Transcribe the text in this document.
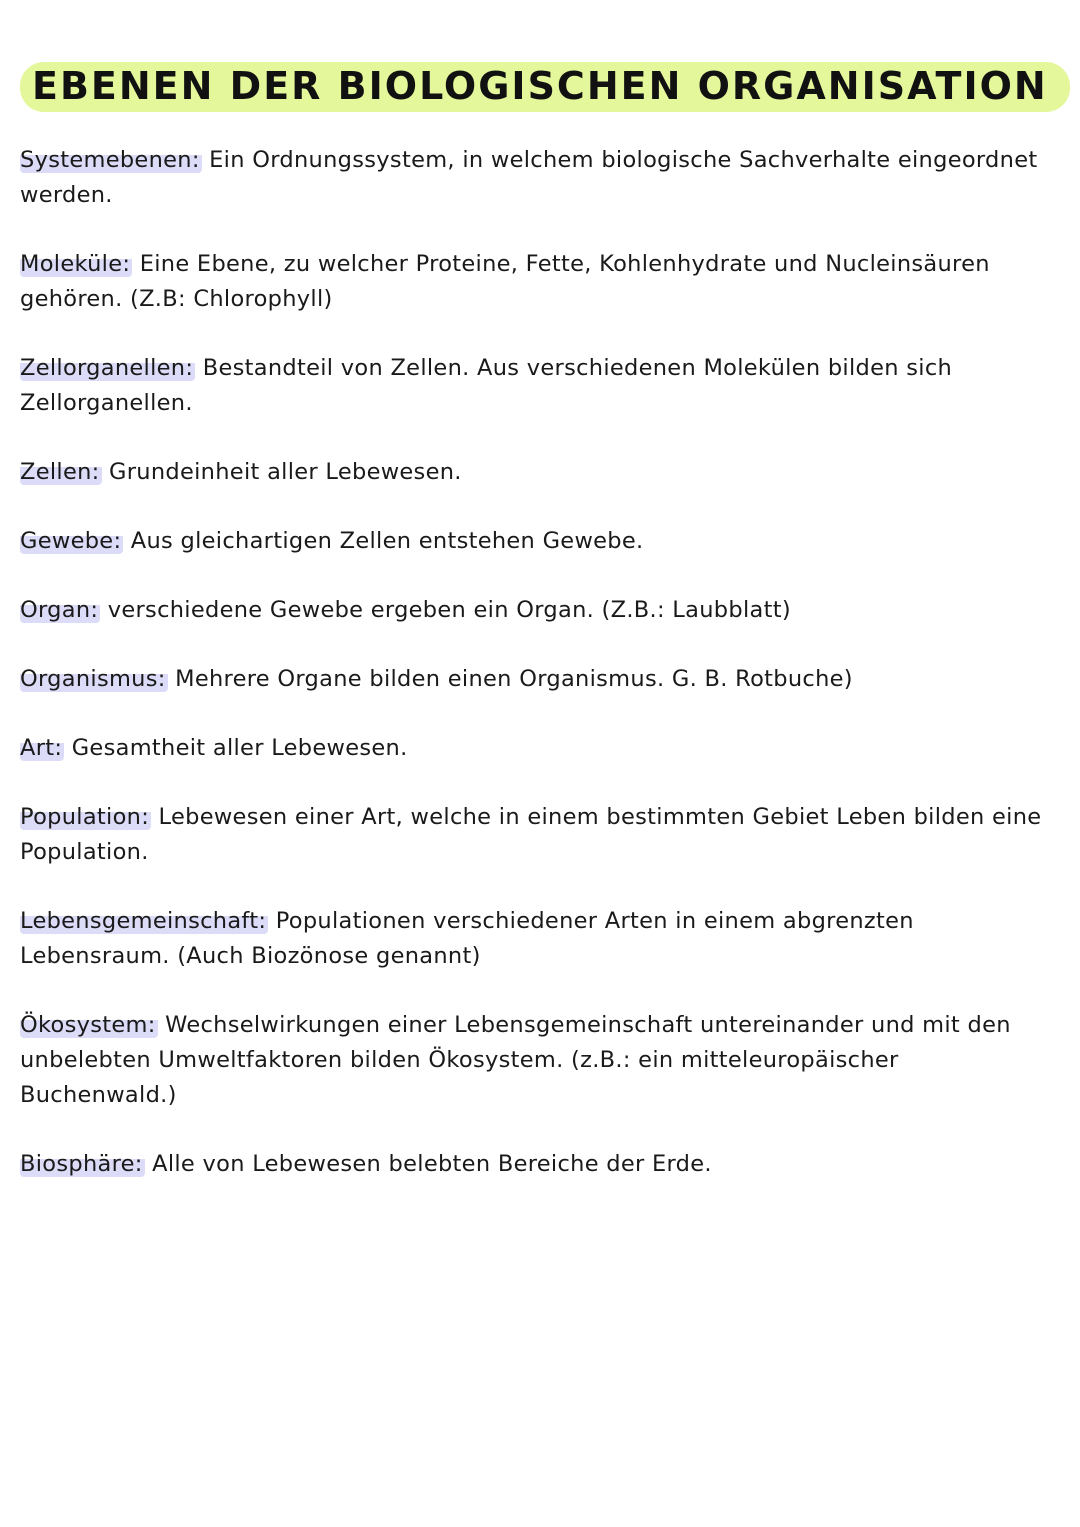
EBENEN DER BIOLOGISCHEN ORGANISATION
Systemebenen: Ein Ordnungssystem, in welchem biologische Sachverhalte eingeordnet werden.
Moleküle: Eine Ebene, zu welcher Proteine, Fette, Kohlenhydrate und Nucleinsäuren gehören. (Z.B: Chlorophyll)
Zellorganellen: Bestandteil von Zellen. Aus verschiedenen Molekülen bilden sich Zellorganellen.
Zellen: Grundeinheit aller Lebewesen.
Gewebe: Aus gleichartigen Zellen entstehen Gewebe.
Organ: verschiedene Gewebe ergeben ein Organ. (Z.B.: Laubblatt)
Organismus: Mehrere Organe bilden einen Organismus. G. B. Rotbuche)
Art: Gesamtheit aller Lebewesen.
Population: Lebewesen einer Art, welche in einem bestimmten Gebiet Leben bilden eine Population.
Lebensgemeinschaft: Populationen verschiedener Arten in einem abgrenzten Lebensraum. (Auch Biozönose genannt)
Ökosystem: Wechselwirkungen einer Lebensgemeinschaft untereinander und mit den unbelebten Umweltfaktoren bilden Ökosystem. (z.B.: ein mitteleuropäischer Buchenwald.)
Biosphäre: Alle von Lebewesen belebten Bereiche der Erde.
